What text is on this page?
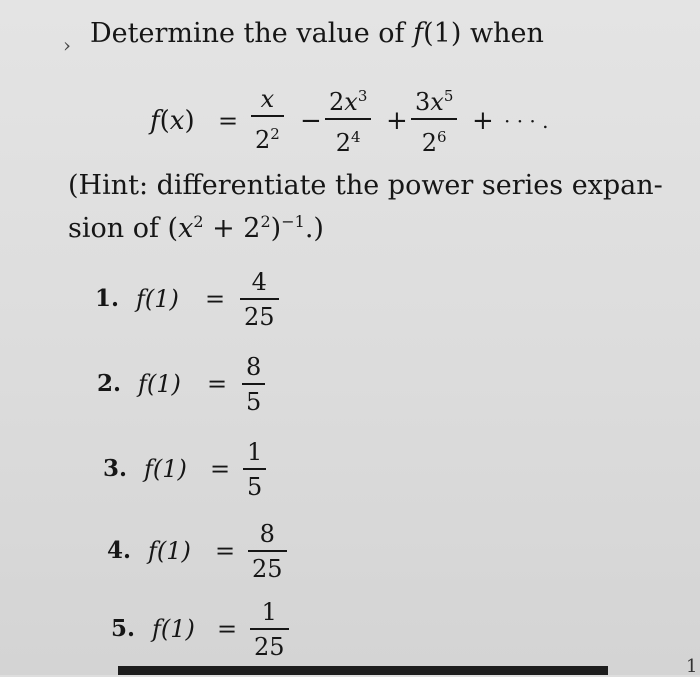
› Determine the value of f(1) when
f(x) =
x
$2^2$ −
$2x^3$
$2^4$
+
$3x^5$
$2^6$
+ · · · .
(Hint: differentiate the power series expan-
sion of $(x^2 + 2^2)^{-1}$.)
1. f(1) =
4
25
2. f(1) =
8
5
3. f(1) =
1
5
4. f(1) =
8
25
5. f(1) =
1
25
1
